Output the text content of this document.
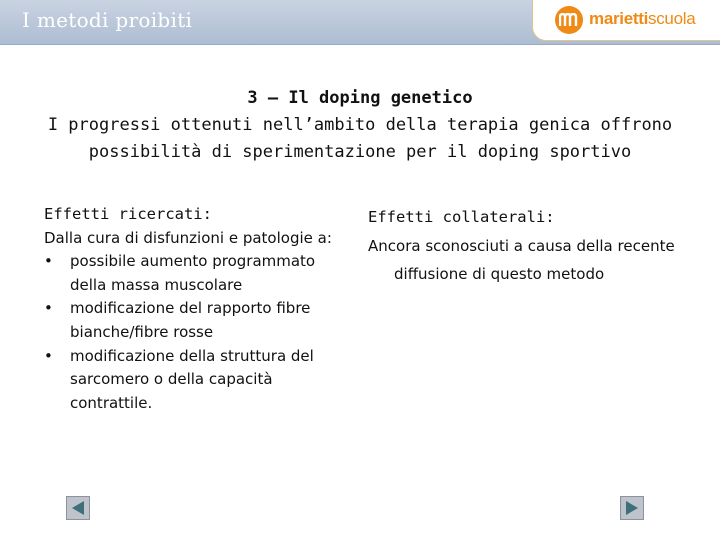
I metodi proibiti	mariettiscuola
3 – Il doping genetico
I progressi ottenuti nell’ambito della terapia genica offrono
possibilità di sperimentazione per il doping sportivo
Effetti ricercati:
Dalla cura di disfunzioni e patologie a:
• possibile aumento programmato della massa muscolare
• modificazione del rapporto fibre bianche/fibre rosse
• modificazione della struttura del sarcomero o della capacità contrattile.
Effetti collaterali:
Ancora sconosciuti a causa della recente diffusione di questo metodo
